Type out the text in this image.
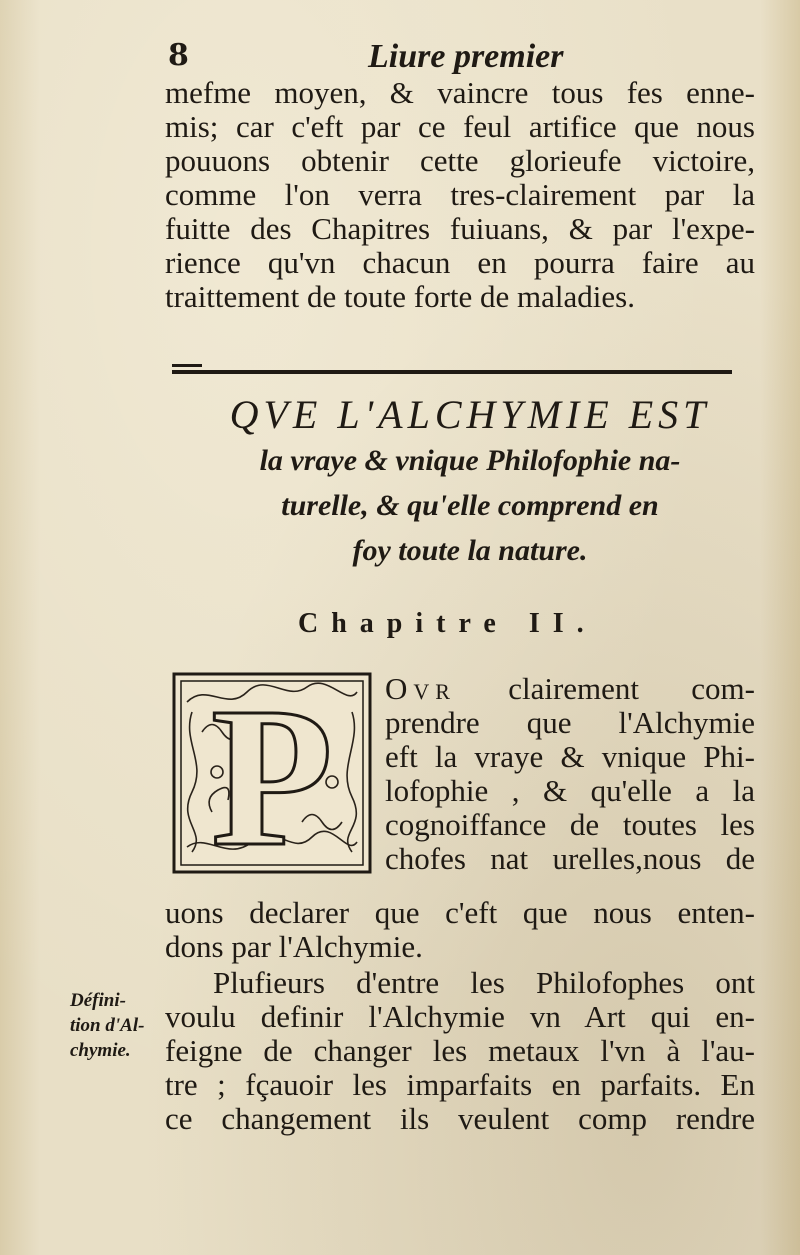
8	Liure premier
mefme moyen, & vaincre tous fes enne-
mis; car c'eft par ce feul artifice que nous
pouuons obtenir cette glorieufe victoire,
comme l'on verra tres-clairement par la
fuitte des Chapitres fuiuans, & par l'expe-
rience qu'vn chacun en pourra faire au
traittement de toute forte de maladies.
QVE L'ALCHYMIE EST
la vraye & vnique Philofophie na-
turelle, & qu'elle comprend en
foy toute la nature.
Chapitre II.
P Ovr clairement com-
prendre que l'Alchymie
eft la vraye & vnique Phi-
lofophie , & qu'elle a la
cognoiffance de toutes les
chofes nat urelles,nous de
uons declarer que c'eft que nous enten-
dons par l'Alchymie.
Plufieurs d'entre les Philofophes ont
voulu definir l'Alchymie vn Art qui en-
feigne de changer les metaux l'vn à l'au-
tre ; fçauoir les imparfaits en parfaits. En
ce changement ils veulent comp rendre
Défini-
tion d'Al-
chymie.
